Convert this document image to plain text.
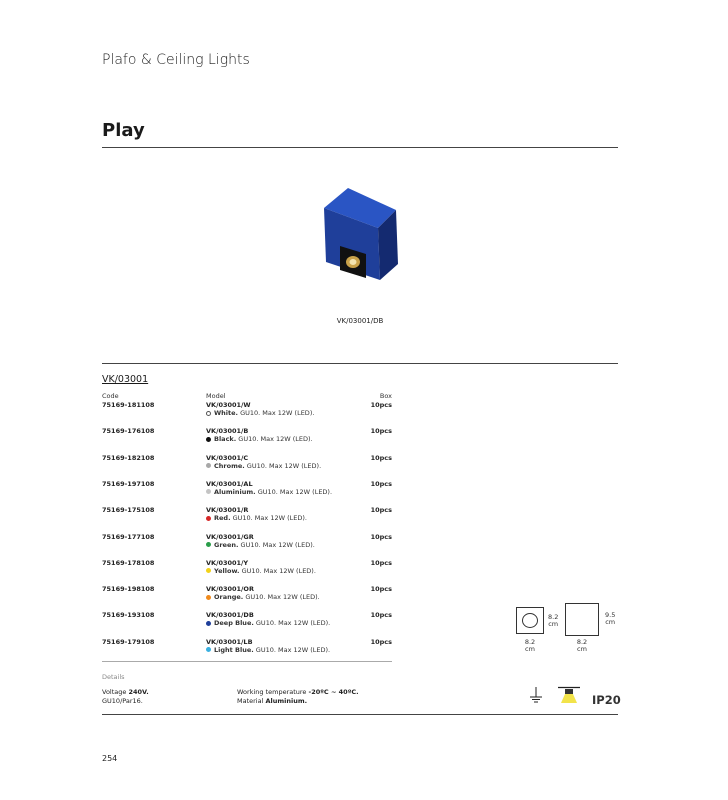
Plafo & Ceiling Lights
Play
VK/03001/DB
VK/03001
Code	Model	Box
75169-181108	VK/03001/W	10pcs
White. GU10. Max 12W (LED).
75169-176108	VK/03001/B	10pcs
Black. GU10. Max 12W (LED).
75169-182108	VK/03001/C	10pcs
Chrome. GU10. Max 12W (LED).
75169-197108	VK/03001/AL	10pcs
Aluminium. GU10. Max 12W (LED).
75169-175108	VK/03001/R	10pcs
Red. GU10. Max 12W (LED).
75169-177108	VK/03001/GR	10pcs
Green. GU10. Max 12W (LED).
75169-178108	VK/03001/Y	10pcs
Yellow. GU10. Max 12W (LED).
75169-198108	VK/03001/OR	10pcs
Orange. GU10. Max 12W (LED).
75169-193108	VK/03001/DB	10pcs
Deep Blue. GU10. Max 12W (LED).
75169-179108	VK/03001/LB	10pcs
Light Blue. GU10. Max 12W (LED).
Details
Voltage 240V.
GU10/Par16.
Working temperature -20ºC ~ 40ºC.
Material Aluminium.
8.2
cm
8.2
cm
9.5
cm
8.2
cm
IP20
254
